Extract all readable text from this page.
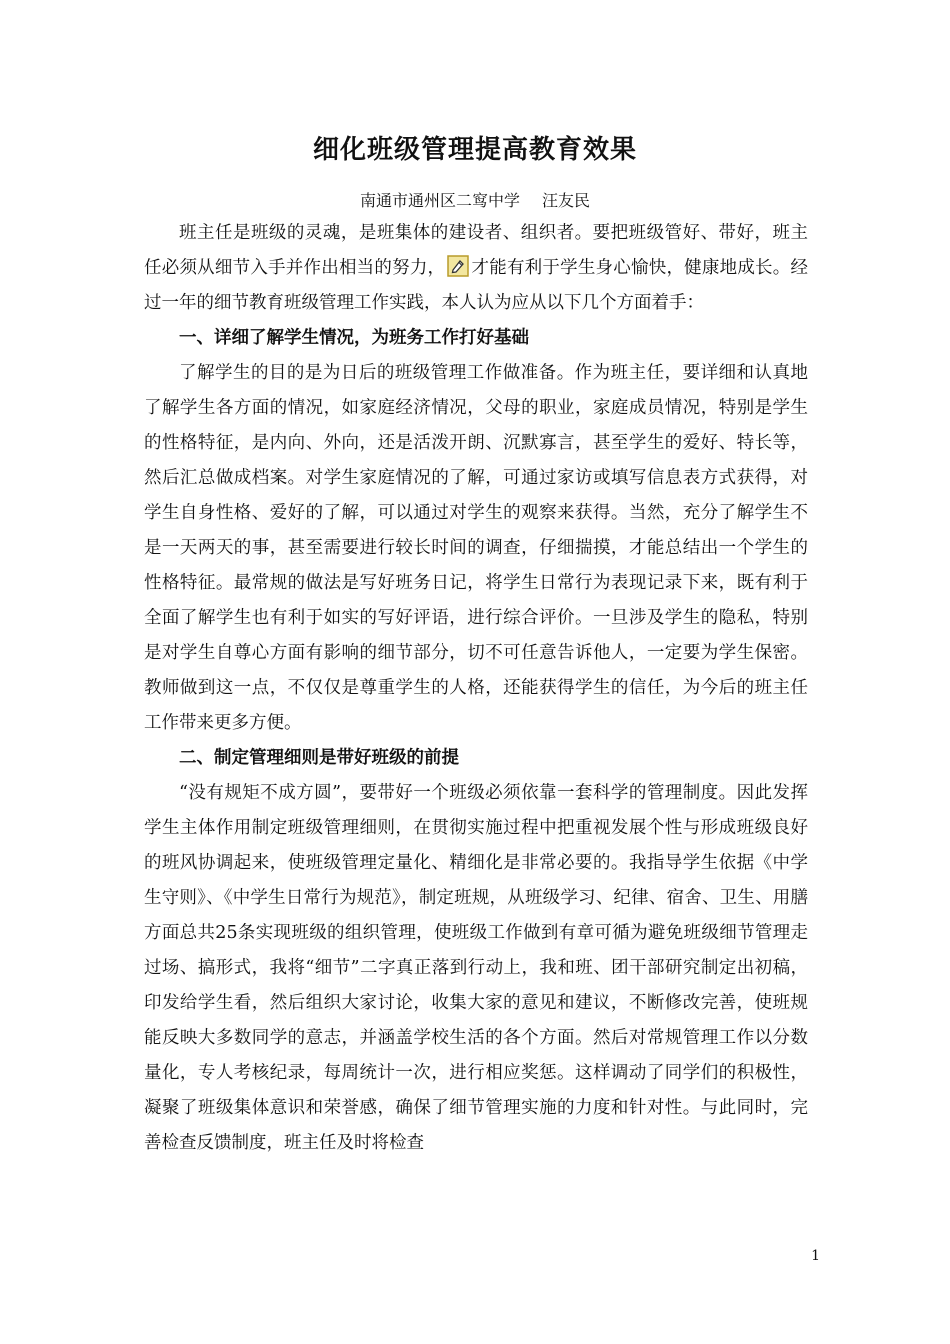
细化班级管理提高教育效果
南通市通州区二窎中学 汪友民

班主任是班级的灵魂，是班集体的建设者、组织者。要把班级管好、带好，班主任必须从细节入手并作出相当的努力， 才能有利于学生身心愉快，健康地成长。经过一年的细节教育班级管理工作实践，本人认为应从以下几个方面着手：

一、详细了解学生情况，为班务工作打好基础

了解学生的目的是为日后的班级管理工作做准备。作为班主任，要详细和认真地了解学生各方面的情况，如家庭经济情况，父母的职业，家庭成员情况，特别是学生的性格特征，是内向、外向，还是活泼开朗、沉默寡言，甚至学生的爱好、特长等，然后汇总做成档案。对学生家庭情况的了解，可通过家访或填写信息表方式获得，对学生自身性格、爱好的了解，可以通过对学生的观察来获得。当然，充分了解学生不是一天两天的事，甚至需要进行较长时间的调查，仔细揣摸，才能总结出一个学生的性格特征。最常规的做法是写好班务日记，将学生日常行为表现记录下来，既有利于全面了解学生也有利于如实的写好评语，进行综合评价。一旦涉及学生的隐私，特别是对学生自尊心方面有影响的细节部分，切不可任意告诉他人，一定要为学生保密。教师做到这一点，不仅仅是尊重学生的人格，还能获得学生的信任，为今后的班主任工作带来更多方便。

二、制定管理细则是带好班级的前提

“没有规矩不成方圆”，要带好一个班级必须依靠一套科学的管理制度。因此发挥学生主体作用制定班级管理细则，在贯彻实施过程中把重视发展个性与形成班级良好的班风协调起来，使班级管理定量化、精细化是非常必要的。我指导学生依据《中学生守则》、《中学生日常行为规范》，制定班规，从班级学习、纪律、宿舍、卫生、用膳方面总共25条实现班级的组织管理，使班级工作做到有章可循为避免班级细节管理走过场、搞形式，我将“细节”二字真正落到行动上，我和班、团干部研究制定出初稿，印发给学生看，然后组织大家讨论，收集大家的意见和建议，不断修改完善，使班规能反映大多数同学的意志，并涵盖学校生活的各个方面。然后对常规管理工作以分数量化，专人考核纪录，每周统计一次，进行相应奖惩。这样调动了同学们的积极性，凝聚了班级集体意识和荣誉感，确保了细节管理实施的力度和针对性。与此同时，完善检查反馈制度，班主任及时将检查

1
